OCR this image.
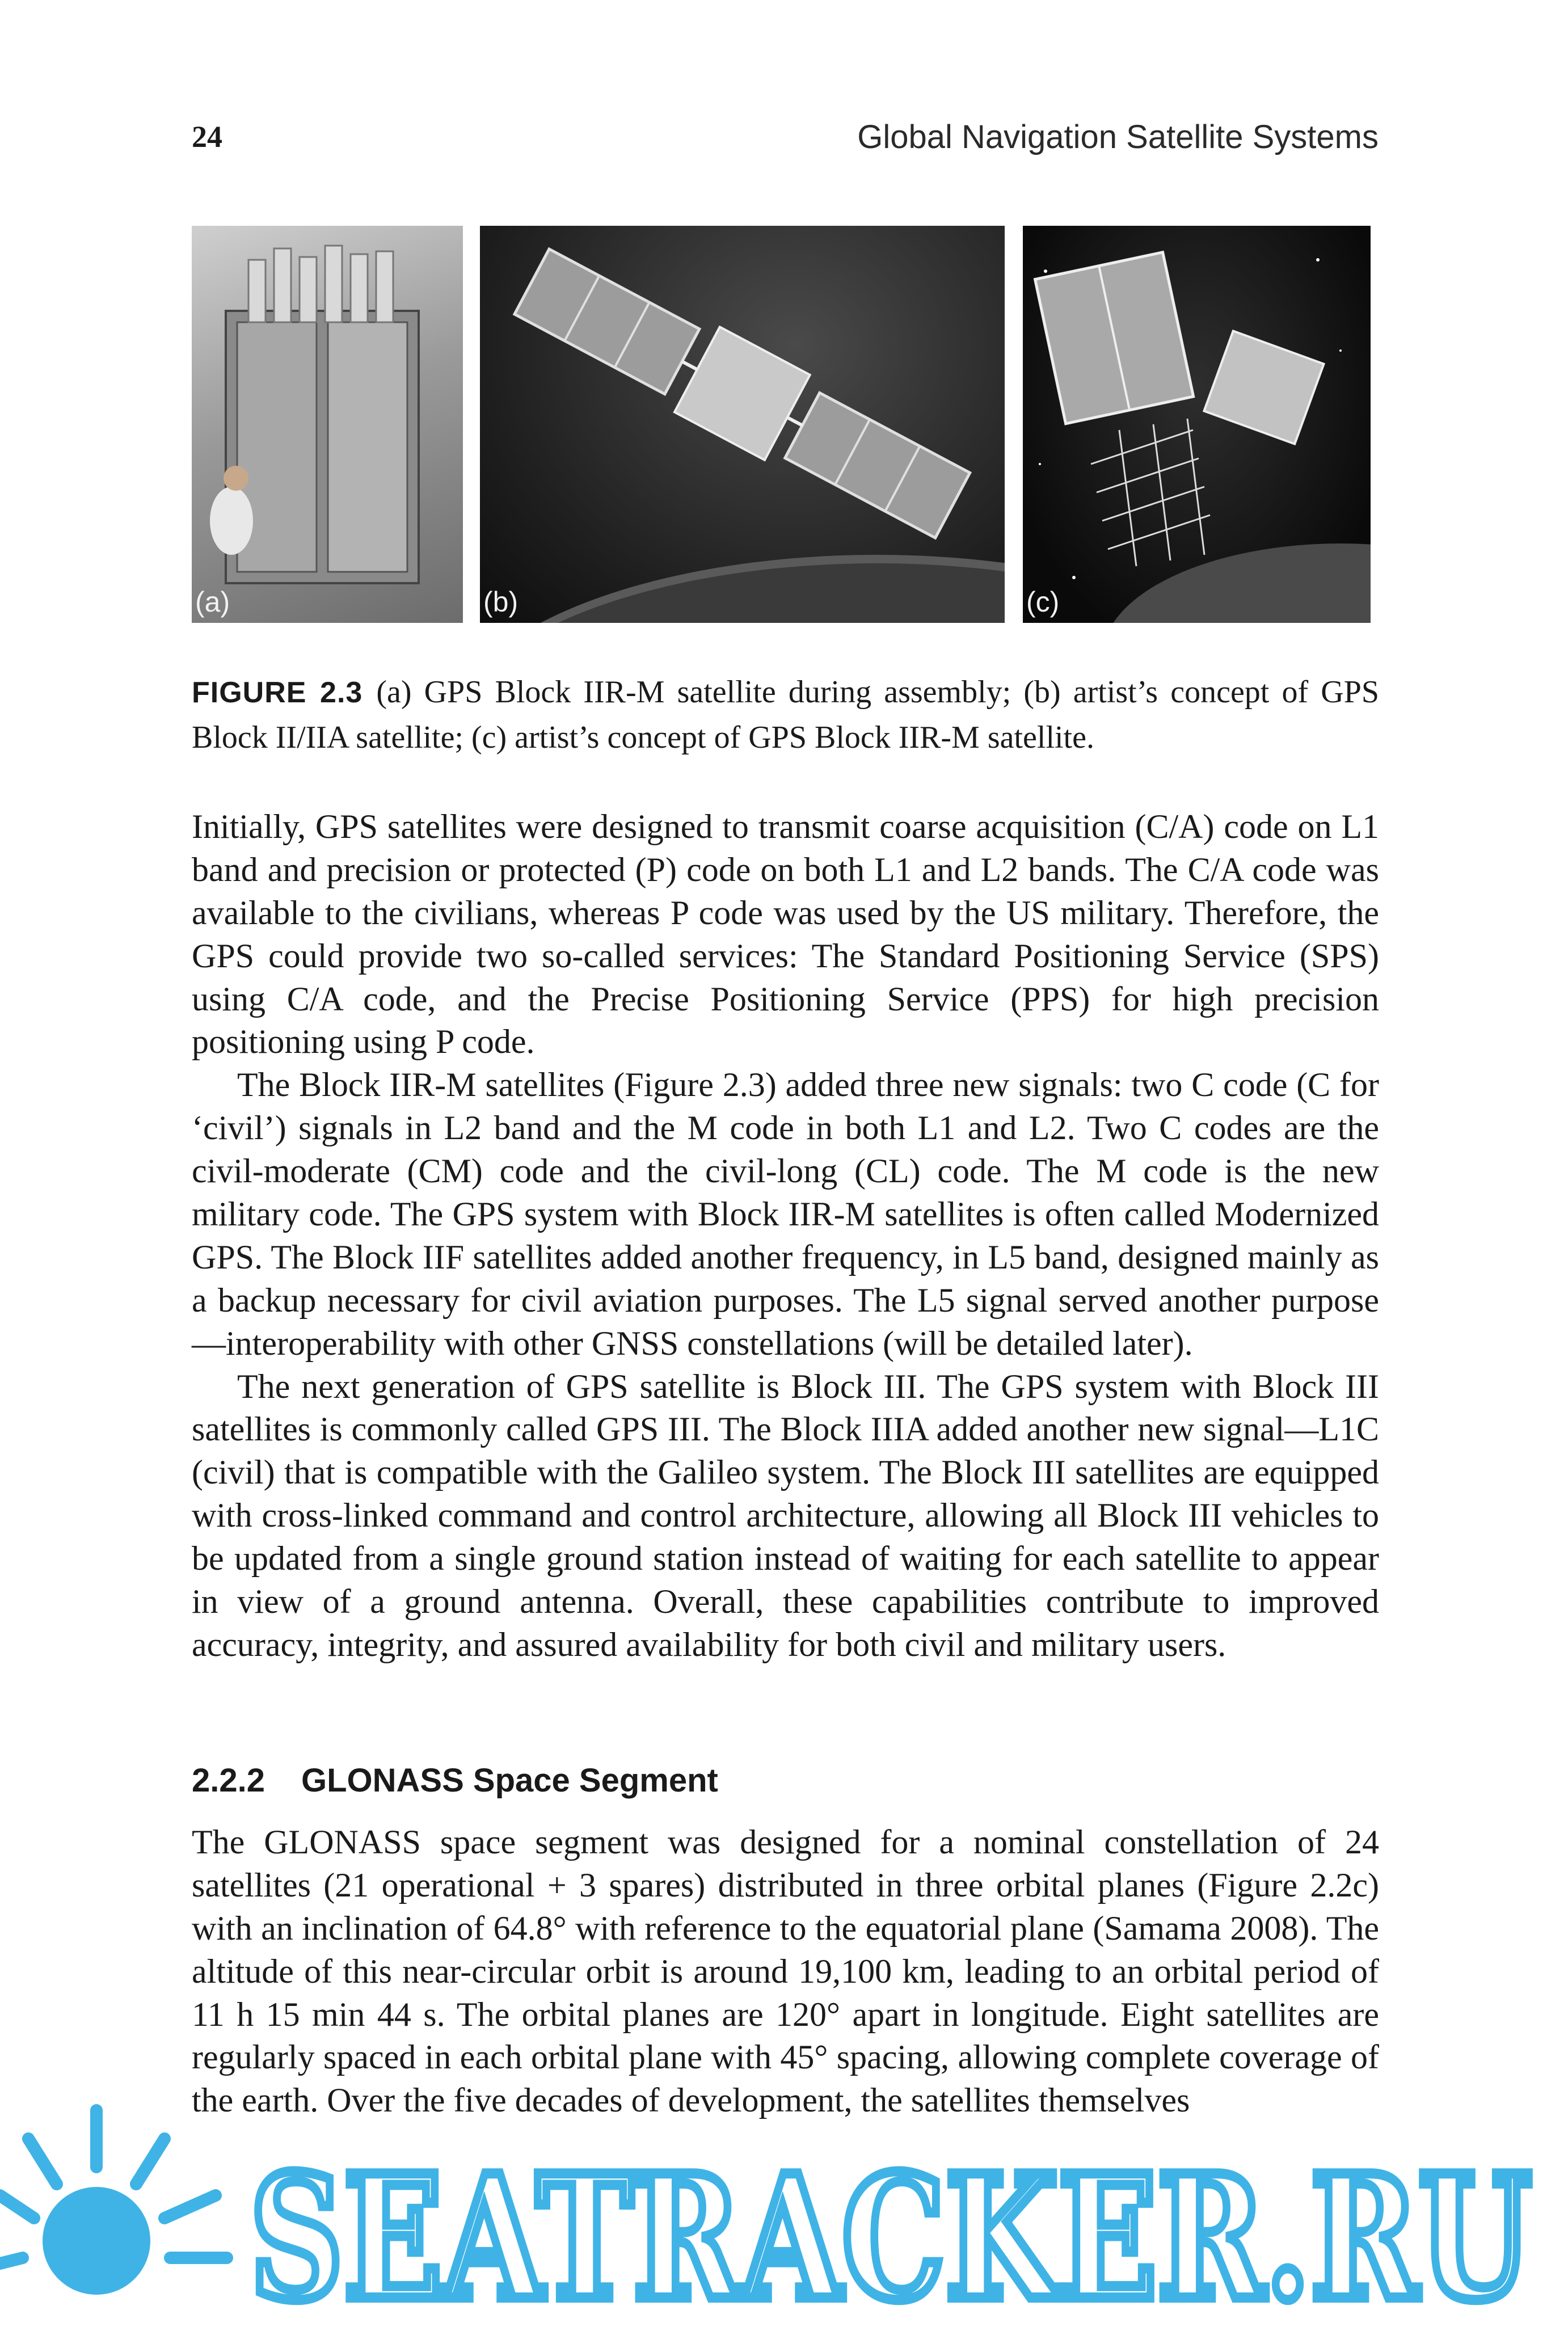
24	Global Navigation Satellite Systems
(a)	(b)	(c)
FIGURE 2.3 (a) GPS Block IIR-M satellite during assembly; (b) artist’s concept of GPS Block II/IIA satellite; (c) artist’s concept of GPS Block IIR-M satellite.

Initially, GPS satellites were designed to transmit coarse acquisition (C/A) code on L1 band and precision or protected (P) code on both L1 and L2 bands. The C/A code was available to the civilians, whereas P code was used by the US military. Therefore, the GPS could provide two so-called services: The Standard Positioning Service (SPS) using C/A code, and the Precise Positioning Service (PPS) for high precision positioning using P code.

The Block IIR-M satellites (Figure 2.3) added three new signals: two C code (C for ‘civil’) signals in L2 band and the M code in both L1 and L2. Two C codes are the civil-moderate (CM) code and the civil-long (CL) code. The M code is the new military code. The GPS system with Block IIR-M satellites is often called Modernized GPS. The Block IIF satellites added another frequency, in L5 band, designed mainly as a backup necessary for civil aviation purposes. The L5 signal served another purpose—interoperability with other GNSS constellations (will be detailed later).

The next generation of GPS satellite is Block III. The GPS system with Block III satellites is commonly called GPS III. The Block IIIA added another new signal—L1C (civil) that is compatible with the Galileo system. The Block III satellites are equipped with cross-linked command and control architecture, allowing all Block III vehicles to be updated from a single ground station instead of waiting for each satellite to appear in view of a ground antenna. Overall, these capabilities contribute to improved accuracy, integrity, and assured availability for both civil and military users.

2.2.2 GLONASS Space Segment

The GLONASS space segment was designed for a nominal constellation of 24 satellites (21 operational + 3 spares) distributed in three orbital planes (Figure 2.2c) with an inclination of 64.8° with reference to the equatorial plane (Samama 2008). The altitude of this near-circular orbit is around 19,100 km, leading to an orbital period of 11 h 15 min 44 s. The orbital planes are 120° apart in longitude. Eight satellites are regularly spaced in each orbital plane with 45° spacing, allowing complete coverage of the earth. Over the five decades of development, the satellites themselves

SEATRACKER.RU
